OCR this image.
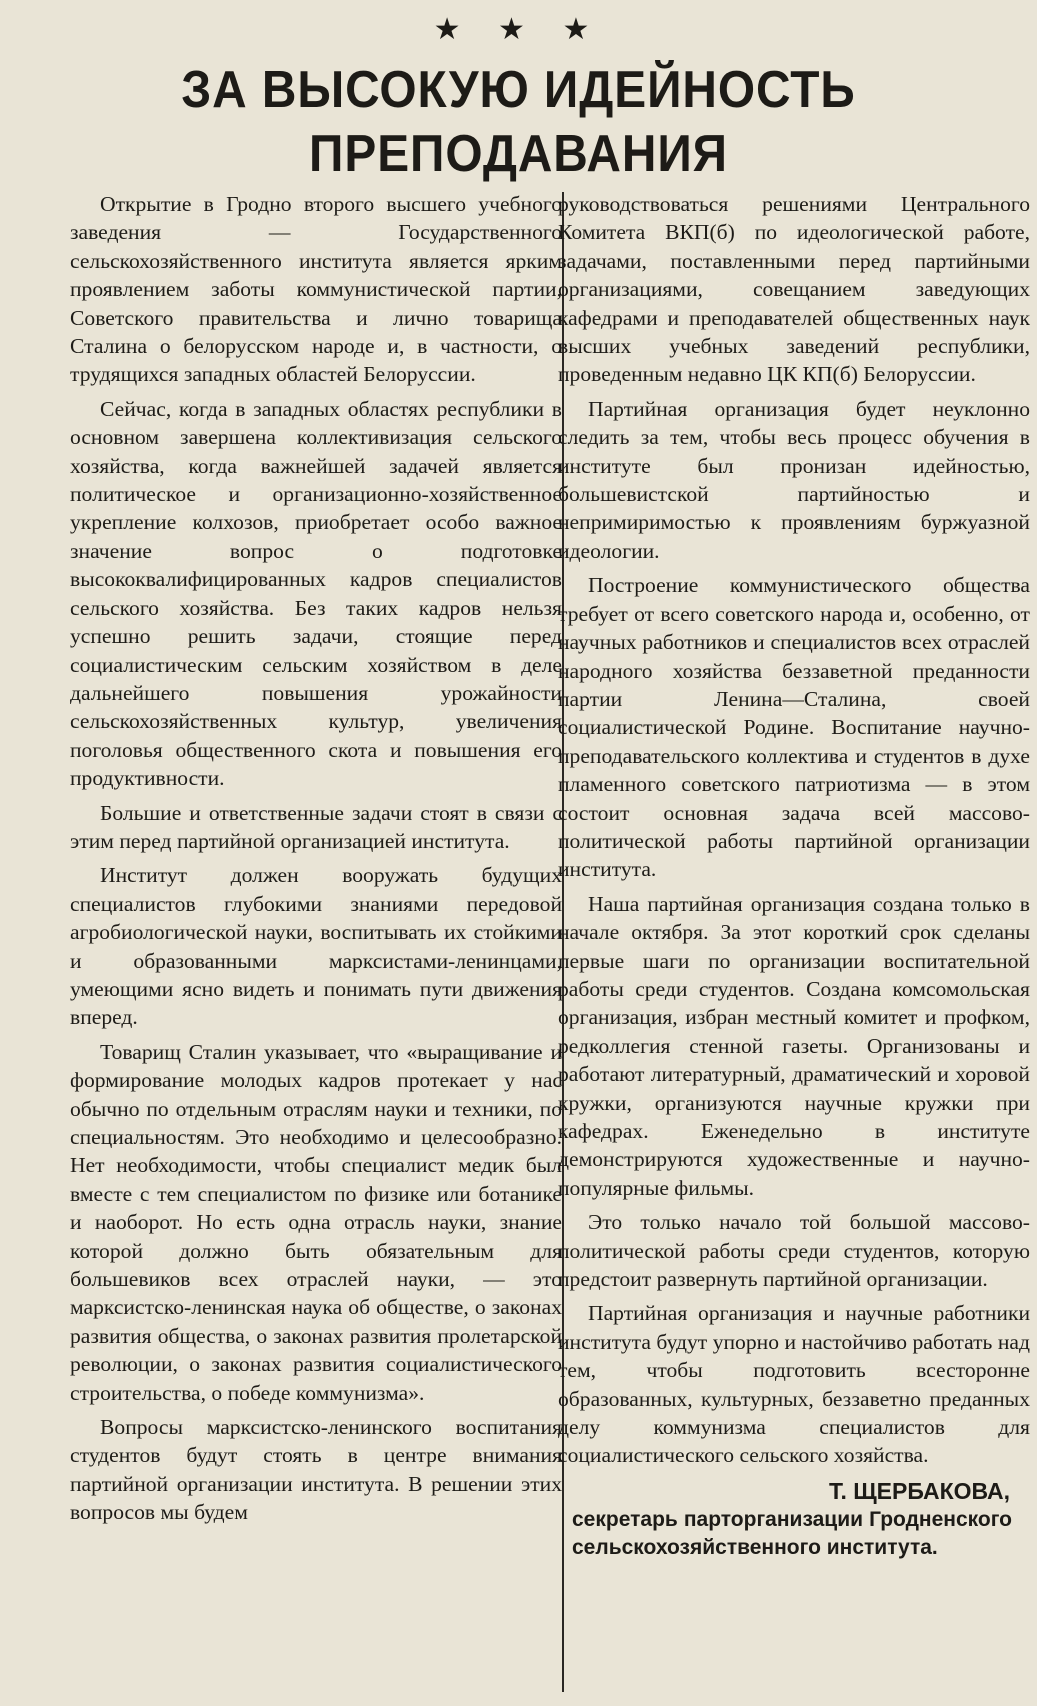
★ ★ ★
ЗА ВЫСОКУЮ ИДЕЙНОСТЬ
ПРЕПОДАВАНИЯ

Открытие в Гродно второго высшего учебного заведения — Государственного сельскохозяйственного института является ярким проявлением заботы коммунистической партии, Советского правительства и лично товарища Сталина о белорусском народе и, в частности, о трудящихся западных областей Белоруссии.

Сейчас, когда в западных областях республики в основном завершена коллективизация сельского хозяйства, когда важнейшей задачей является политическое и организационно-хозяйственное укрепление колхозов, приобретает особо важное значение вопрос о подготовке высококвалифицированных кадров специалистов сельского хозяйства. Без таких кадров нельзя успешно решить задачи, стоящие перед социалистическим сельским хозяйством в деле дальнейшего повышения урожайности сельскохозяйственных культур, увеличения поголовья общественного скота и повышения его продуктивности.

Большие и ответственные задачи стоят в связи с этим перед партийной организацией института.

Институт должен вооружать будущих специалистов глубокими знаниями передовой агробиологической науки, воспитывать их стойкими и образованными марксистами-ленинцами, умеющими ясно видеть и понимать пути движения вперед.

Товарищ Сталин указывает, что «выращивание и формирование молодых кадров протекает у нас обычно по отдельным отраслям науки и техники, по специальностям. Это необходимо и целесообразно. Нет необходимости, чтобы специалист медик был вместе с тем специалистом по физике или ботанике и наоборот. Но есть одна отрасль науки, знание которой должно быть обязательным для большевиков всех отраслей науки, — это марксистско-ленинская наука об обществе, о законах развития общества, о законах развития пролетарской революции, о законах развития социалистического строительства, о победе коммунизма».

Вопросы марксистско-ленинского воспитания студентов будут стоять в центре внимания партийной организации института. В решении этих вопросов мы будем

руководствоваться решениями Центрального Комитета ВКП(б) по идеологической работе, задачами, поставленными перед партийными организациями, совещанием заведующих кафедрами и преподавателей общественных наук высших учебных заведений республики, проведенным недавно ЦК КП(б) Белоруссии.

Партийная организация будет неуклонно следить за тем, чтобы весь процесс обучения в институте был пронизан идейностью, большевистской партийностью и непримиримостью к проявлениям буржуазной идеологии.

Построение коммунистического общества требует от всего советского народа и, особенно, от научных работников и специалистов всех отраслей народного хозяйства беззаветной преданности партии Ленина—Сталина, своей социалистической Родине. Воспитание научно-преподавательского коллектива и студентов в духе пламенного советского патриотизма — в этом состоит основная задача всей массово-политической работы партийной организации института.

Наша партийная организация создана только в начале октября. За этот короткий срок сделаны первые шаги по организации воспитательной работы среди студентов. Создана комсомольская организация, избран местный комитет и профком, редколлегия стенной газеты. Организованы и работают литературный, драматический и хоровой кружки, организуются научные кружки при кафедрах. Еженедельно в институте демонстрируются художественные и научно-популярные фильмы.

Это только начало той большой массово-политической работы среди студентов, которую предстоит развернуть партийной организации.

Партийная организация и научные работники института будут упорно и настойчиво работать над тем, чтобы подготовить всесторонне образованных, культурных, беззаветно преданных делу коммунизма специалистов для социалистического сельского хозяйства.

Т. ЩЕРБАКОВА,
секретарь парторганизации Гродненского сельскохозяйственного института.
